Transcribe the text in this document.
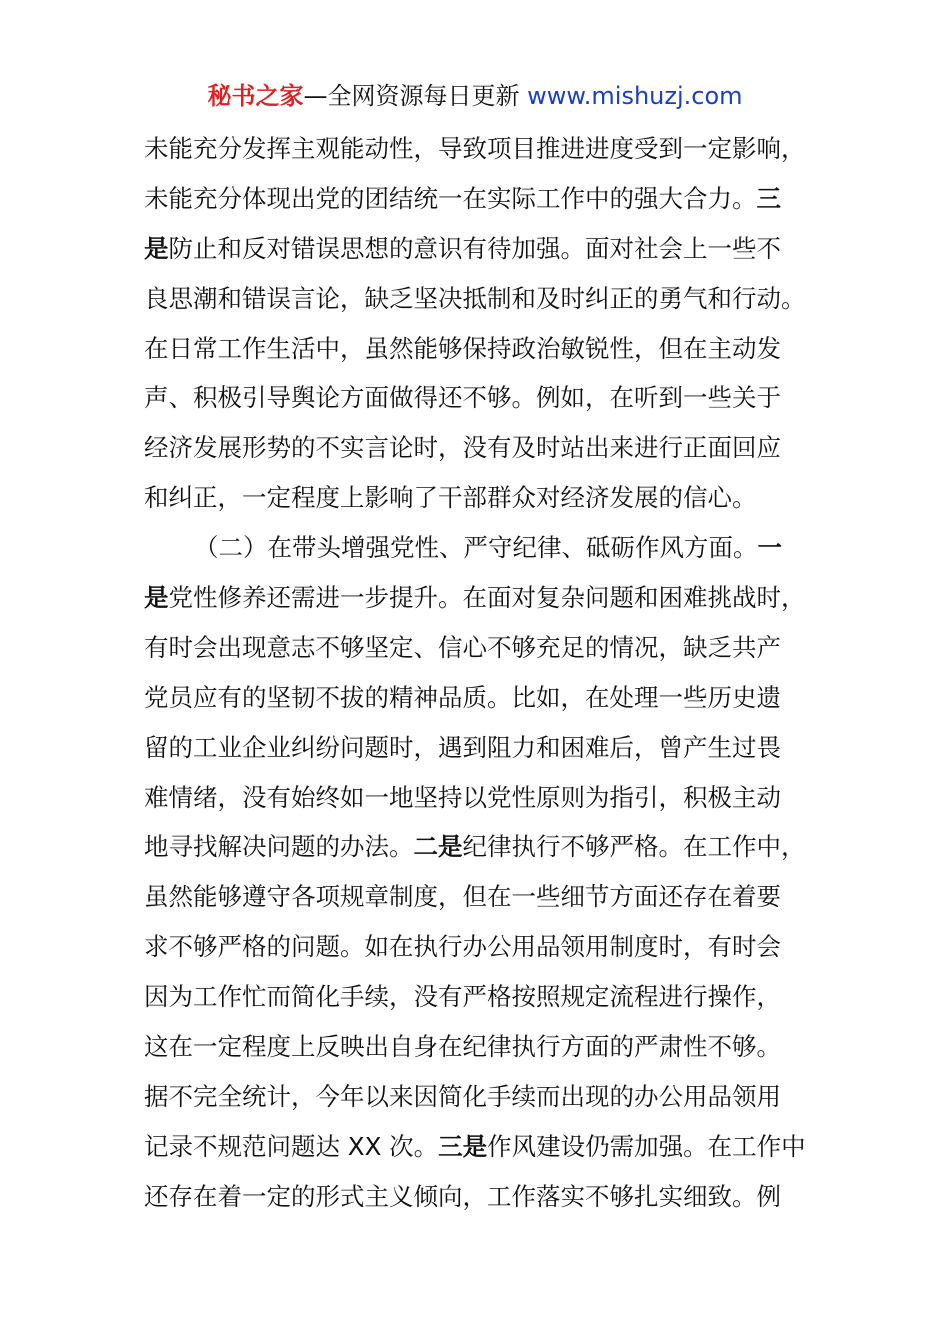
秘书之家—全网资源每日更新 www.mishuzj.com
未能充分发挥主观能动性，导致项目推进进度受到一定影响，
未能充分体现出党的团结统一在实际工作中的强大合力。三
是防止和反对错误思想的意识有待加强。面对社会上一些不
良思潮和错误言论，缺乏坚决抵制和及时纠正的勇气和行动。
在日常工作生活中，虽然能够保持政治敏锐性，但在主动发
声、积极引导舆论方面做得还不够。例如，在听到一些关于
经济发展形势的不实言论时，没有及时站出来进行正面回应
和纠正，一定程度上影响了干部群众对经济发展的信心。
（二）在带头增强党性、严守纪律、砥砺作风方面。一
是党性修养还需进一步提升。在面对复杂问题和困难挑战时，
有时会出现意志不够坚定、信心不够充足的情况，缺乏共产
党员应有的坚韧不拔的精神品质。比如，在处理一些历史遗
留的工业企业纠纷问题时，遇到阻力和困难后，曾产生过畏
难情绪，没有始终如一地坚持以党性原则为指引，积极主动
地寻找解决问题的办法。二是纪律执行不够严格。在工作中，
虽然能够遵守各项规章制度，但在一些细节方面还存在着要
求不够严格的问题。如在执行办公用品领用制度时，有时会
因为工作忙而简化手续，没有严格按照规定流程进行操作，
这在一定程度上反映出自身在纪律执行方面的严肃性不够。
据不完全统计，今年以来因简化手续而出现的办公用品领用
记录不规范问题达 XX 次。三是作风建设仍需加强。在工作中
还存在着一定的形式主义倾向，工作落实不够扎实细致。例
